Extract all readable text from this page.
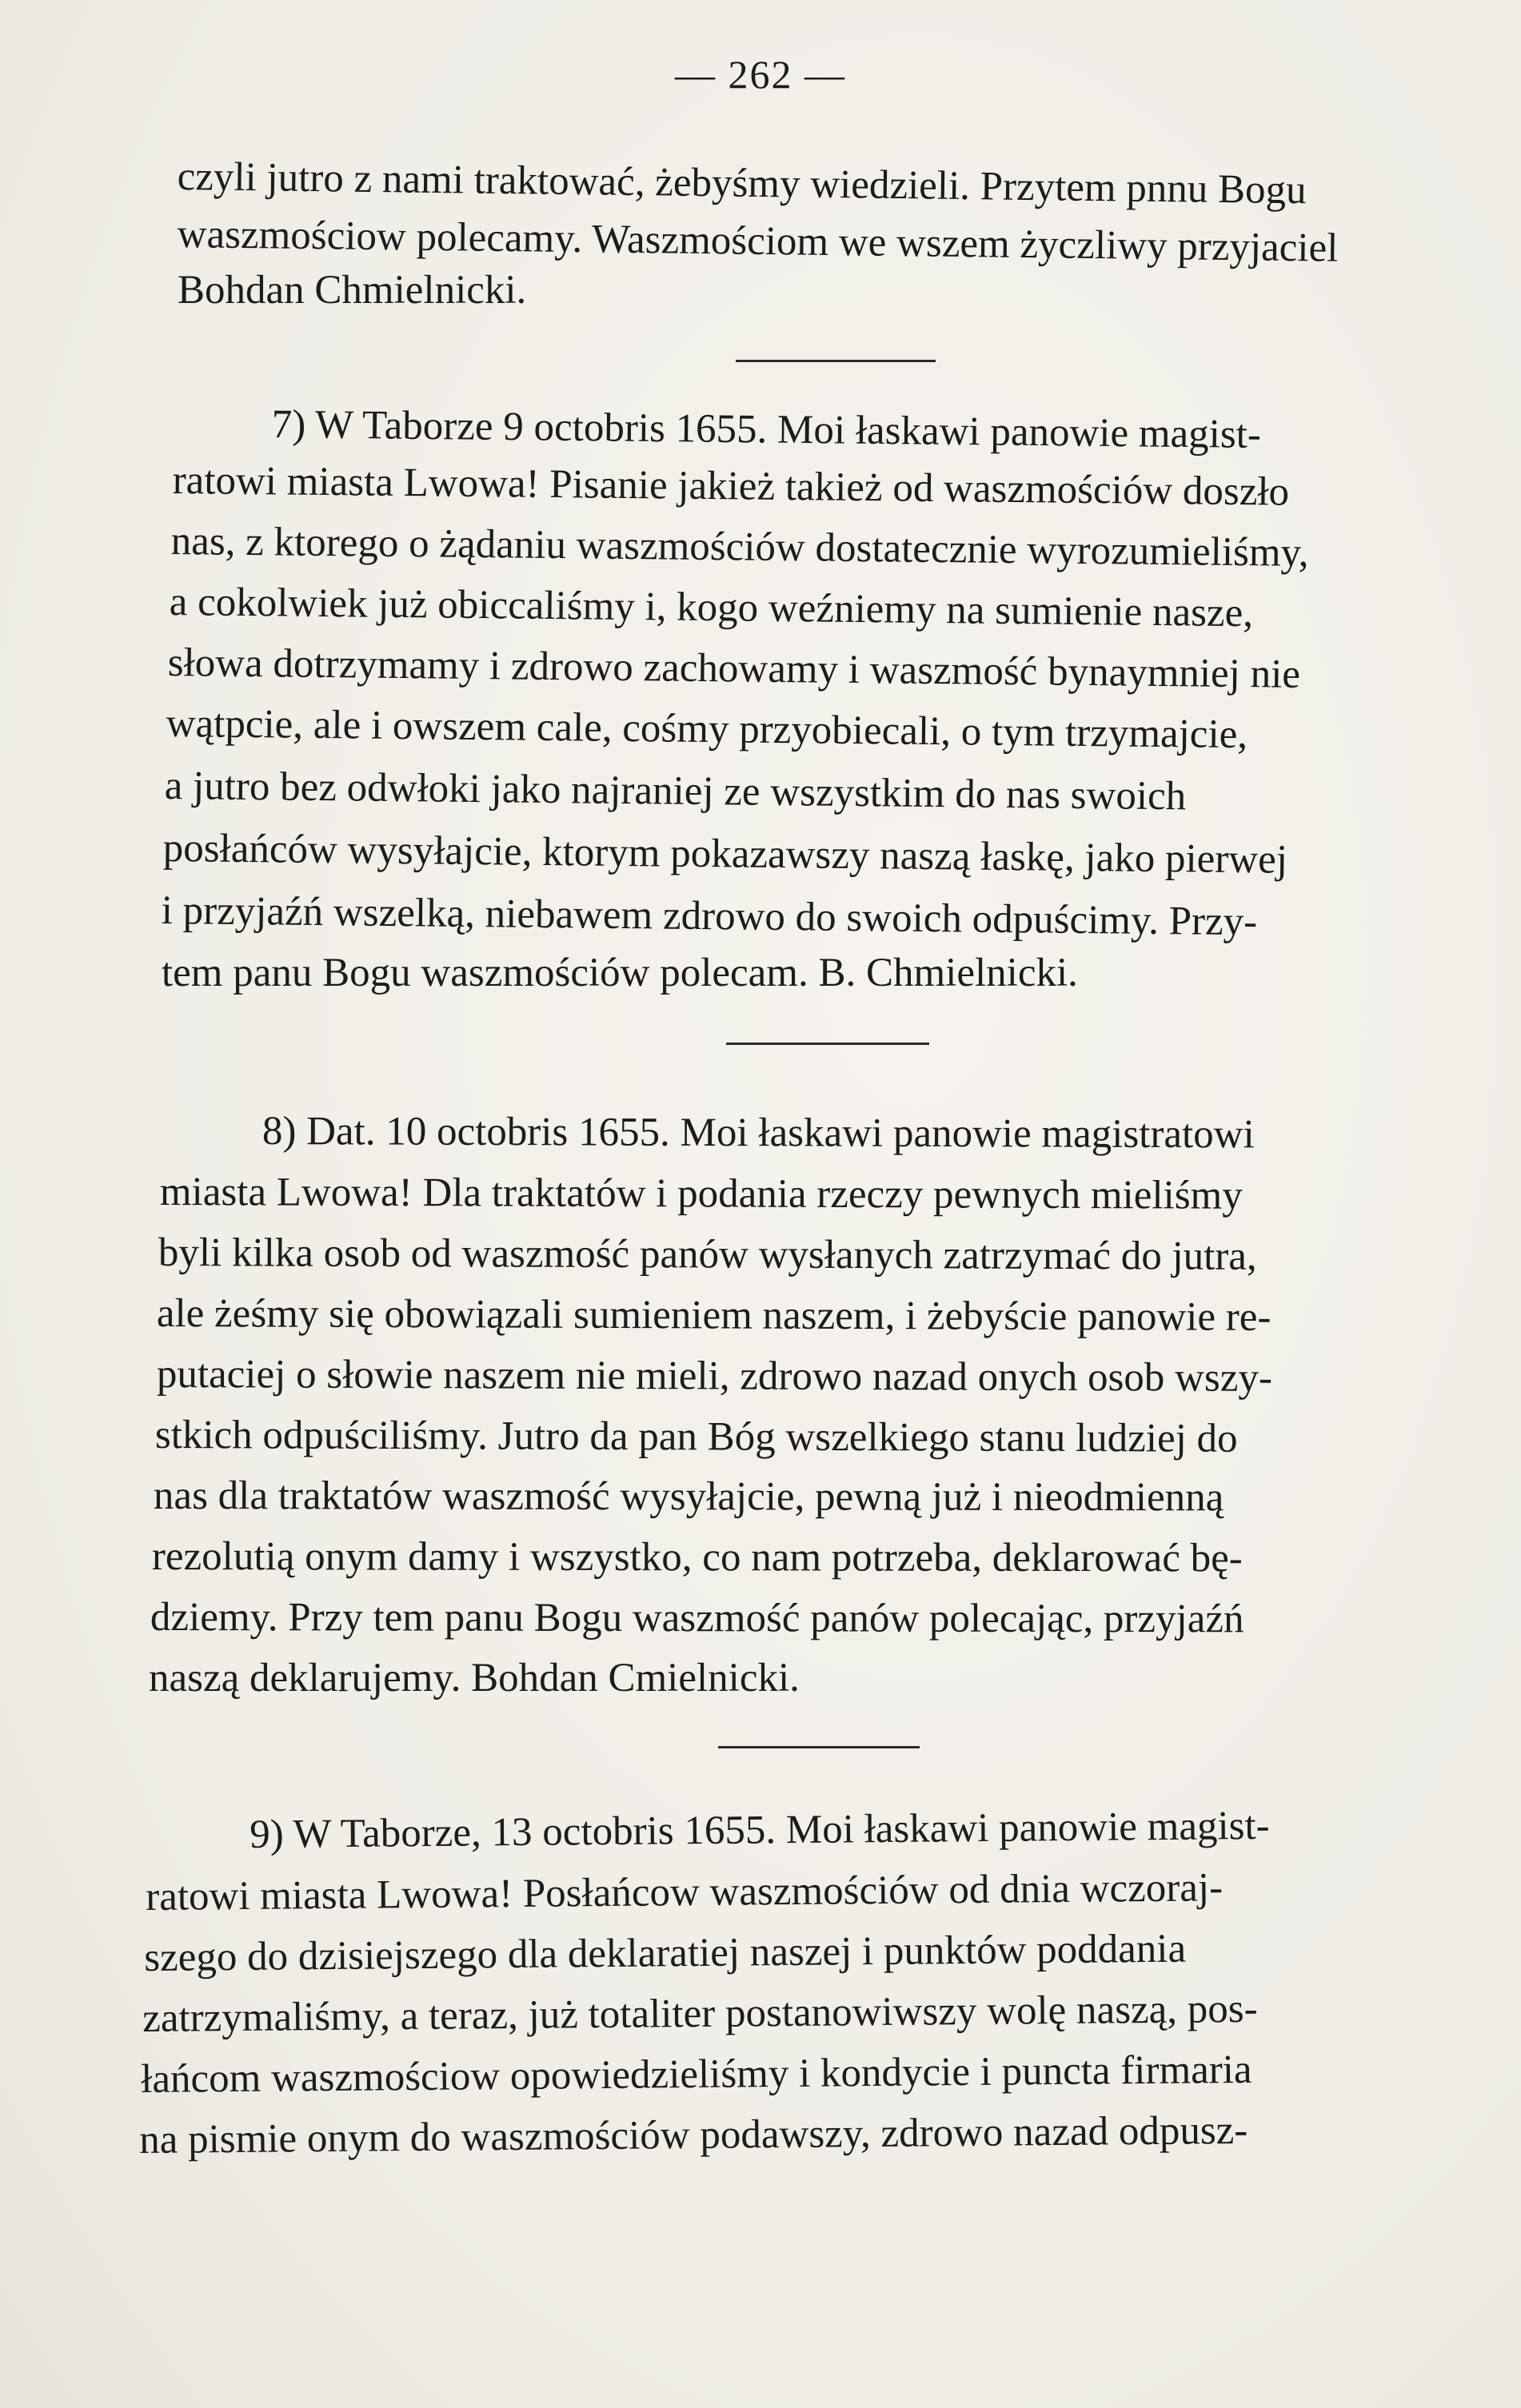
— 262 —
czyli jutro z nami traktować, żebyśmy wiedzieli. Przytem pnnu Bogu
waszmościow polecamy. Waszmościom we wszem życzliwy przyjaciel
Bohdan Chmielnicki.
7) W Taborze 9 octobris 1655. Moi łaskawi panowie magist-
ratowi miasta Lwowa! Pisanie jakież takież od waszmościów doszło
nas, z ktorego o żądaniu waszmościów dostatecznie wyrozumieliśmy,
a cokolwiek już obiccaliśmy i, kogo weźniemy na sumienie nasze,
słowa dotrzymamy i zdrowo zachowamy i waszmość bynaymniej nie
wątpcie, ale i owszem cale, cośmy przyobiecali, o tym trzymajcie,
a jutro bez odwłoki jako najraniej ze wszystkim do nas swoich
posłańców wysyłajcie, ktorym pokazawszy naszą łaskę, jako pierwej
i przyjaźń wszelką, niebawem zdrowo do swoich odpuścimy. Przy-
tem panu Bogu waszmościów polecam. B. Chmielnicki.
8) Dat. 10 octobris 1655. Moi łaskawi panowie magistratowi
miasta Lwowa! Dla traktatów i podania rzeczy pewnych mieliśmy
byli kilka osob od waszmość panów wysłanych zatrzymać do jutra,
ale żeśmy się obowiązali sumieniem naszem, i żebyście panowie re-
putaciej o słowie naszem nie mieli, zdrowo nazad onych osob wszy-
stkich odpuściliśmy. Jutro da pan Bóg wszelkiego stanu ludziej do
nas dla traktatów waszmość wysyłajcie, pewną już i nieodmienną
rezolutią onym damy i wszystko, co nam potrzeba, deklarować bę-
dziemy. Przy tem panu Bogu waszmość panów polecając, przyjaźń
naszą deklarujemy. Bohdan Cmielnicki.
9) W Taborze, 13 octobris 1655. Moi łaskawi panowie magist-
ratowi miasta Lwowa! Posłańcow waszmościów od dnia wczoraj-
szego do dzisiejszego dla deklaratiej naszej i punktów poddania
zatrzymaliśmy, a teraz, już totaliter postanowiwszy wolę naszą, pos-
łańcom waszmościow opowiedzieliśmy i kondycie i puncta firmaria
na pismie onym do waszmościów podawszy, zdrowo nazad odpusz-
